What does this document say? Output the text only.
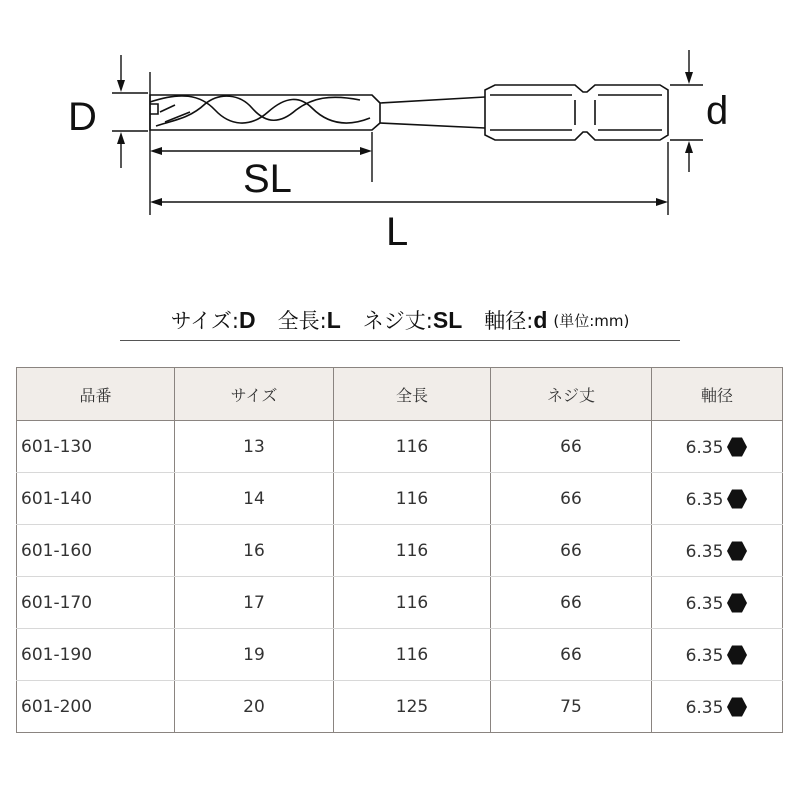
D	d
SL
L
サイズ: D 全長: L ネジ丈: SL 軸径: d (単位:mm)
品番	サイズ	全長	ネジ丈	軸径
601-130	13	116	66	6.35

601-140	14	116	66	6.35

601-160	16	116	66	6.35

601-170	17	116	66	6.35

601-190	19	116	66	6.35

601-200	20	125	75	6.35
